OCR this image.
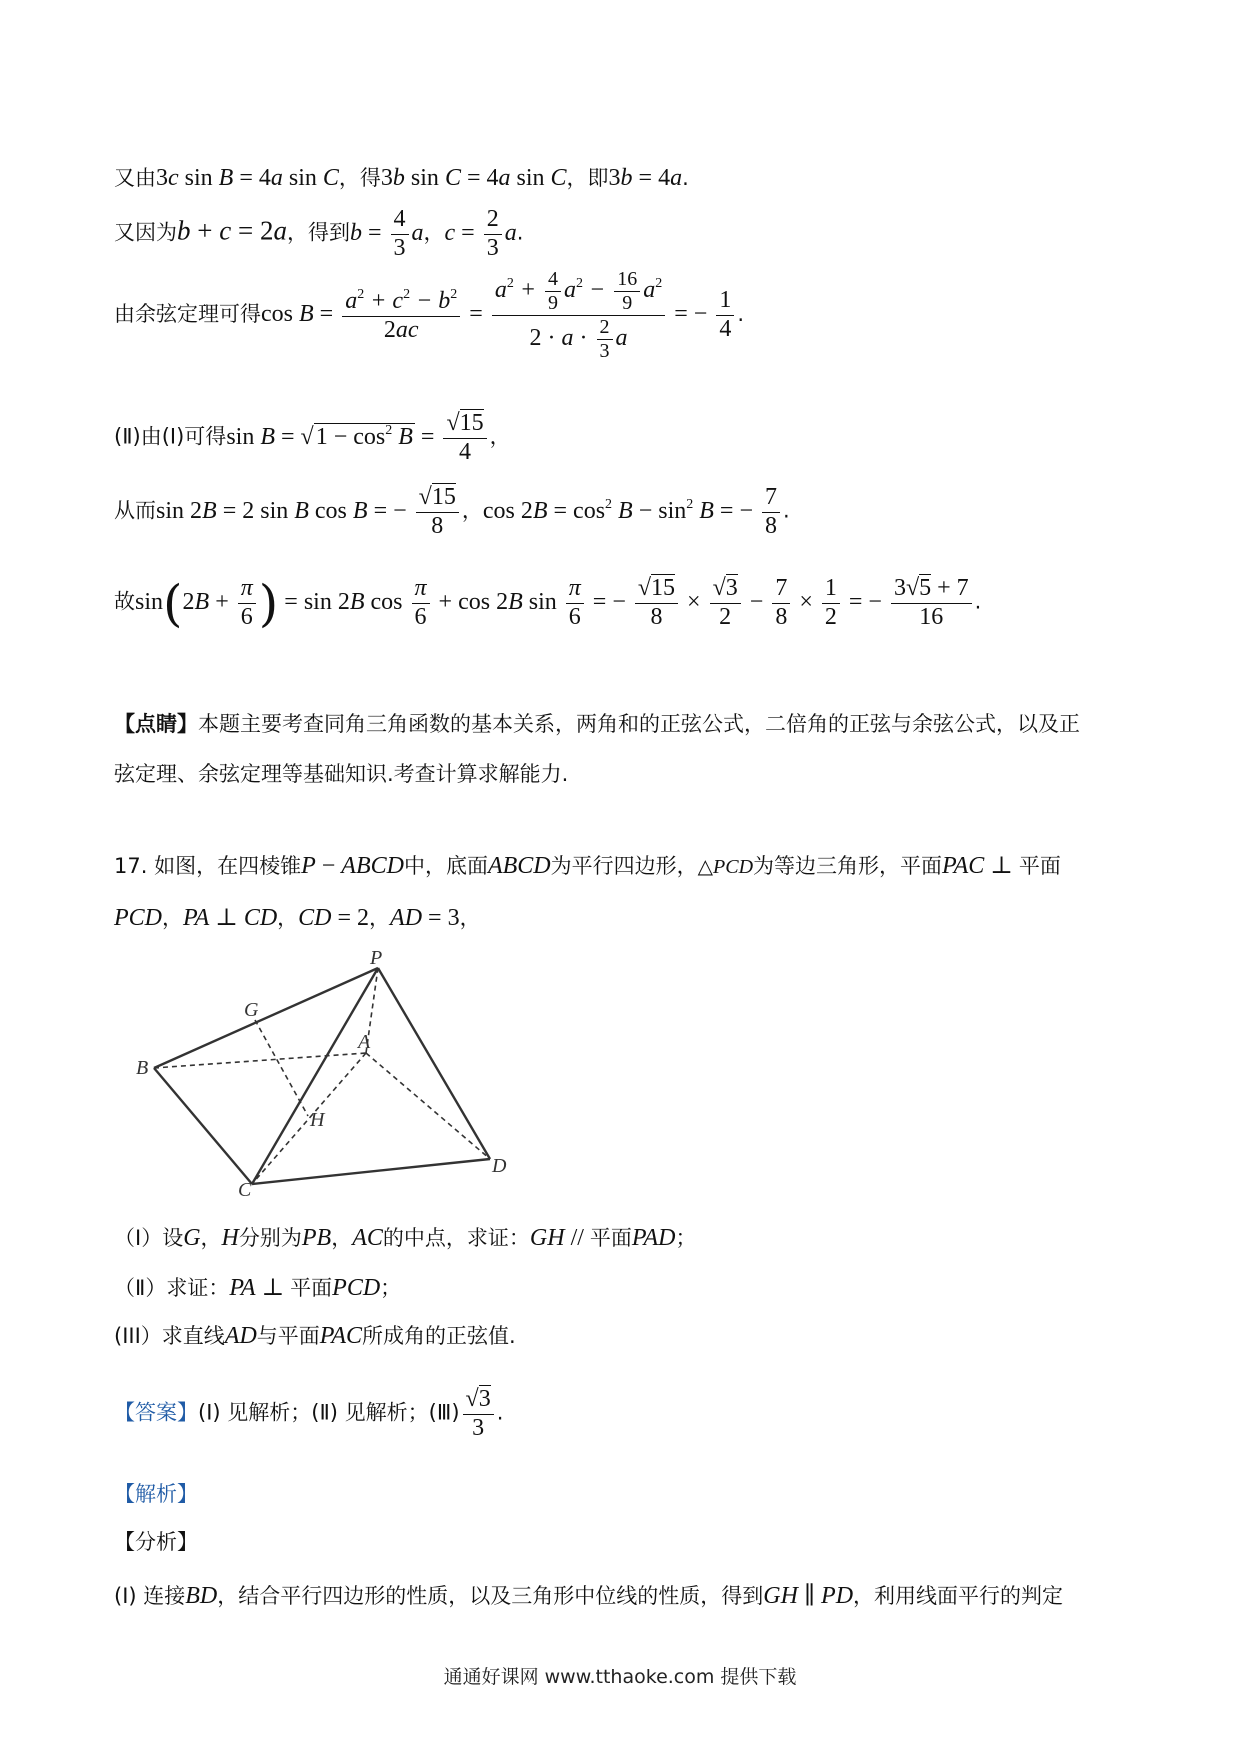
又由3c sin B = 4a sin C，得3b sin C = 4a sin C，即3b = 4a.
又因为b + c = 2a，得到$b = \frac{4}{3}$ a，$c = \frac{2}{3} a$.
由余弦定理可得$\cos B = \frac{a^2 + c^2 - b^2}{2ac} = \frac{a^2 + \frac{4}{9} a^2 - \frac{16}{9} a^2}{2 \cdot a \cdot \frac{2}{3} a}$ = − $\frac{1}{4}$ .
(Ⅱ)由(Ⅰ)可得$\sin B = √1 - \cos^2 B = \frac{√15}{4}$ ，
从而sin 2B = 2 sin B cos B = − $\frac{√15}{8}$ ，$\cos 2B = \cos^2 B - \sin^2 B$ = − $\frac{7}{8}$ .
故$\sin(2B + \frac{\pi}{6}$ ) = sin 2B $\cos \frac{\pi}{6} + \cos 2B$ $\sin \frac{\pi}{6}$ = − $\frac{√15}{8} \times \frac{√3}{2} - \frac{7}{8} \times \frac{1}{2}$ = − $\frac{3√5 + 7}{16}$ .
【点睛】本题主要考查同角三角函数的基本关系，两角和的正弦公式，二倍角的正弦与余弦公式，以及正
弦定理、余弦定理等基础知识.考查计算求解能力.
17. 如图，在四棱锥P − ABCD中，底面ABCD为平行四边形，△PCD为等边三角形，平面PAC ⊥ 平面
PCD，PA ⊥ CD，CD = 2，AD = 3，
P
G
A
B
H
C
D
（Ⅰ）设G，H分别为PB，AC的中点，求证：GH // 平面PAD；
（Ⅱ）求证：PA ⊥ 平面PCD；
(III）求直线AD与平面PAC所成角的正弦值.
【答案】(Ⅰ) 见解析；(Ⅱ) 见解析；(Ⅲ) $\frac{√3}{3}$ .
【解析】
【分析】
(Ⅰ) 连接BD，结合平行四边形的性质，以及三角形中位线的性质，得到GH ∥ PD，利用线面平行的判定
通通好课网 www.tthaoke.com 提供下载
